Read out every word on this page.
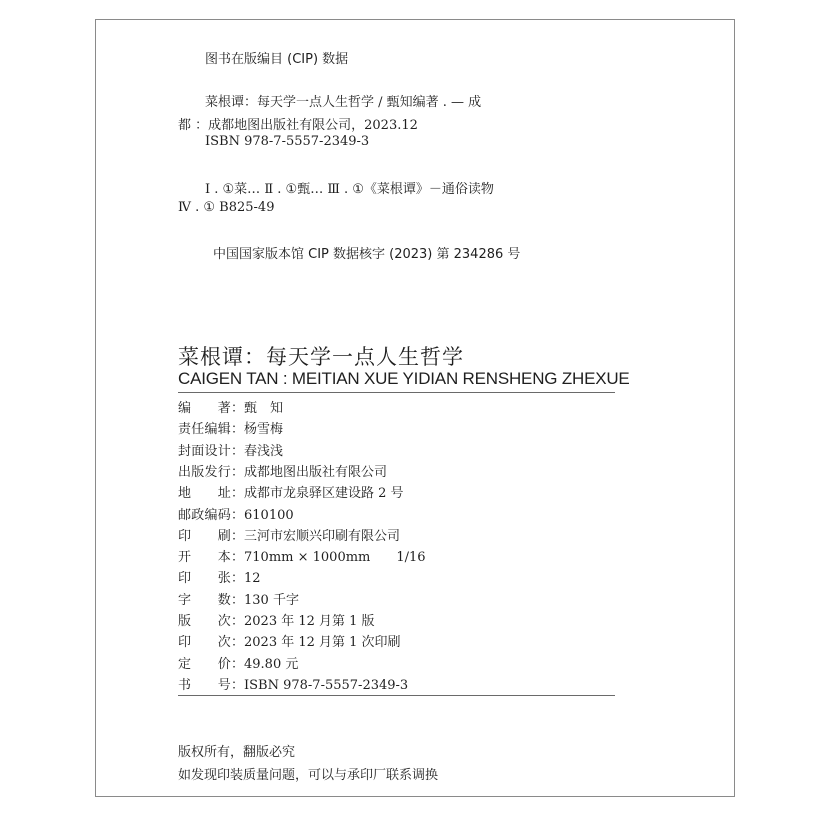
图书在版编目 (CIP) 数据
菜根谭：每天学一点人生哲学 / 甄知编著 . — 成
都 ：成都地图出版社有限公司，2023.12
ISBN 978-7-5557-2349-3
Ⅰ . ①菜… Ⅱ . ①甄… Ⅲ . ①《菜根谭》－通俗读物
Ⅳ . ① B825-49
中国国家版本馆 CIP 数据核字 (2023) 第 234286 号
菜根谭：每天学一点人生哲学
CAIGEN TAN : MEITIAN XUE YIDIAN RENSHENG ZHEXUE
编　　著：甄　知
责任编辑：杨雪梅
封面设计：春浅浅
出版发行：成都地图出版社有限公司
地　　址：成都市龙泉驿区建设路 2 号
邮政编码：610100
印　　刷：三河市宏顺兴印刷有限公司
开　　本：710mm × 1000mm　　1/16
印　　张：12
字　　数：130 千字
版　　次：2023 年 12 月第 1 版
印　　次：2023 年 12 月第 1 次印刷
定　　价：49.80 元
书　　号：ISBN 978-7-5557-2349-3
版权所有，翻版必究
如发现印装质量问题，可以与承印厂联系调换
